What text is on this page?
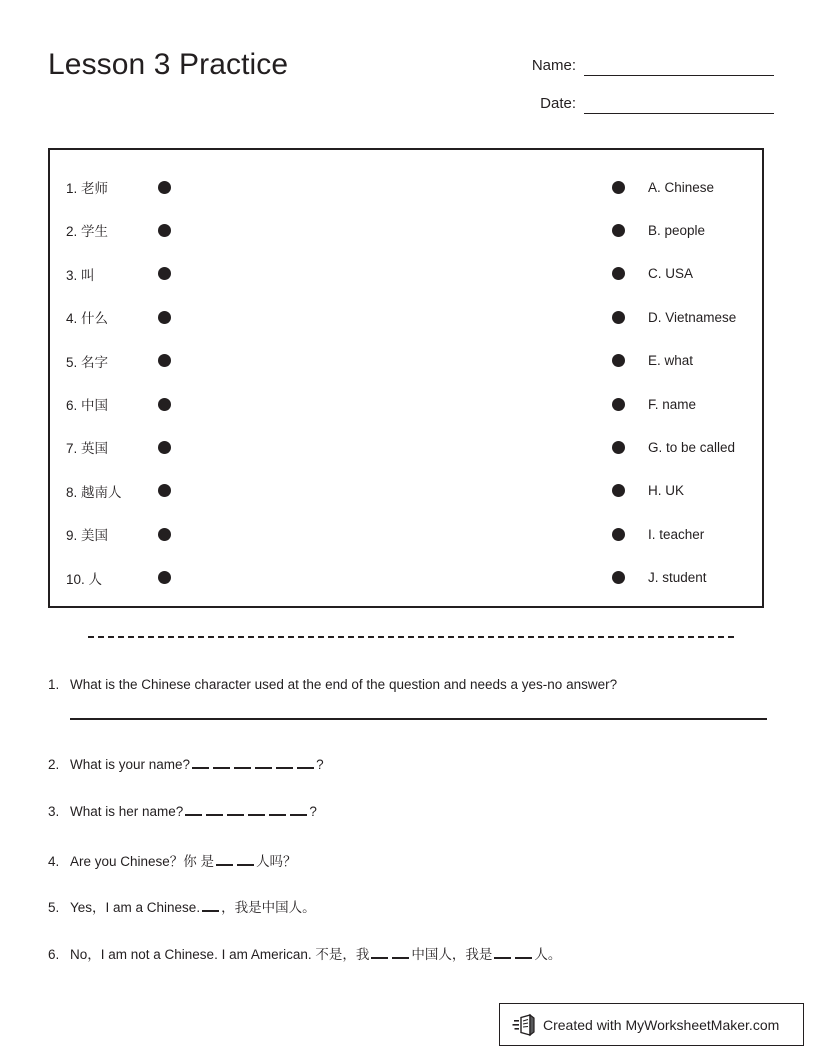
Lesson 3 Practice	Name:
Date:
1. 老师	A. Chinese
2. 学生	B. people
3. 叫	C. USA
4. 什么	D. Vietnamese
5. 名字	E. what
6. 中国	F. name
7. 英国	G. to be called
8. 越南人	H. UK
9. 美国	I. teacher
10. 人	J. student
1. What is the Chinese character used at the end of the question and needs a yes-no answer?
2. What is your name?	?
3. What is her name?	?
4. Are you Chinese？你 是	人吗？
5. Yes，I am a Chinese. ，我是中国人。
6. No，I am not a Chinese. I am American. 不是，我	中国人，我是	人。
Created with MyWorksheetMaker.com
